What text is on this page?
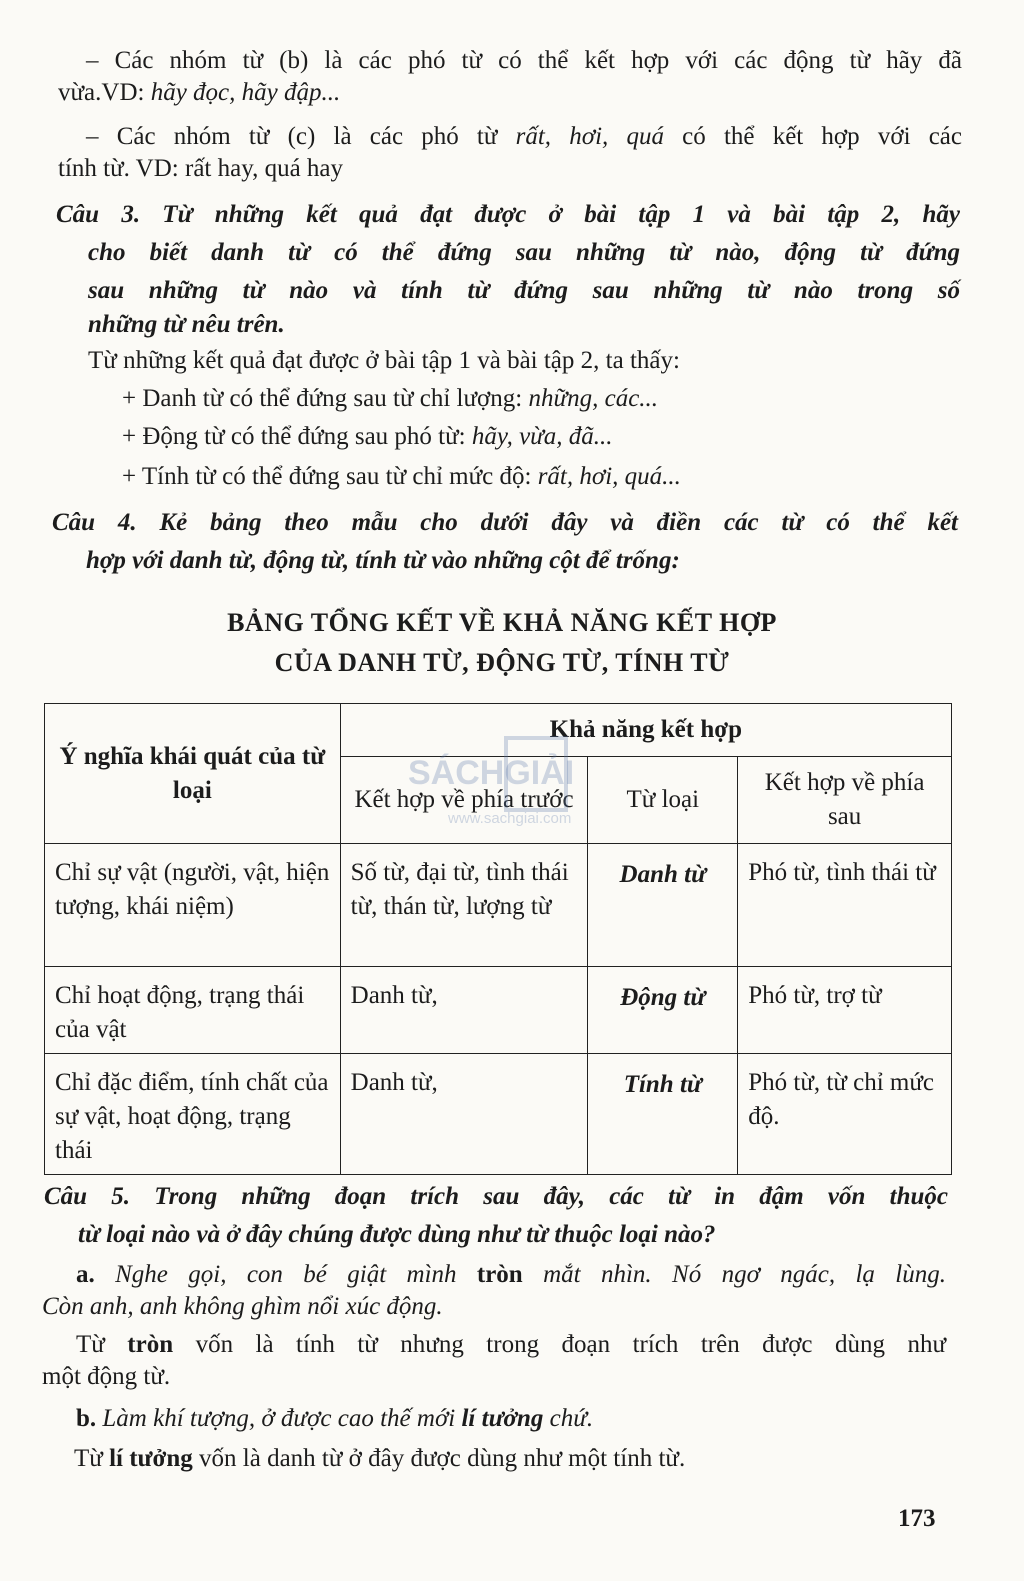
– Các nhóm từ (b) là các phó từ có thể kết hợp với các động từ hãy đã
vừa.VD: hãy đọc, hãy đập...
– Các nhóm từ (c) là các phó từ rất, hơi, quá có thể kết hợp với các
tính từ. VD: rất hay, quá hay
Câu 3. Từ những kết quả đạt được ở bài tập 1 và bài tập 2, hãy
cho biết danh từ có thể đứng sau những từ nào, động từ đứng
sau những từ nào và tính từ đứng sau những từ nào trong số
những từ nêu trên.
Từ những kết quả đạt được ở bài tập 1 và bài tập 2, ta thấy:
+ Danh từ có thể đứng sau từ chỉ lượng: những, các...
+ Động từ có thể đứng sau phó từ: hãy, vừa, đã...
+ Tính từ có thể đứng sau từ chỉ mức độ: rất, hơi, quá...
Câu 4. Kẻ bảng theo mẫu cho dưới đây và điền các từ có thể kết
hợp với danh từ, động từ, tính từ vào những cột để trống:
BẢNG TỔNG KẾT VỀ KHẢ NĂNG KẾT HỢP
CỦA DANH TỪ, ĐỘNG TỪ, TÍNH TỪ
Ý nghĩa khái quát của từ loại	Khả năng kết hợp		
	Kết hợp về phía trước	Từ loại	Kết hợp về phía sau
Chỉ sự vật (người, vật, hiện tượng, khái niệm)	Số từ, đại từ, tình thái từ, thán từ, lượng từ	Danh từ	Phó từ, tình thái từ
Chỉ hoạt động, trạng thái của vật	Danh từ,	Động từ	Phó từ, trợ từ
Chỉ đặc điểm, tính chất của sự vật, hoạt động, trạng thái	Danh từ,	Tính từ	Phó từ, từ chỉ mức độ.
SÁCHGIẢI
www.sachgiai.com
Câu 5. Trong những đoạn trích sau đây, các từ in đậm vốn thuộc
từ loại nào và ở đây chúng được dùng như từ thuộc loại nào?
a. Nghe gọi, con bé giật mình tròn mắt nhìn. Nó ngơ ngác, lạ lùng.
Còn anh, anh không ghìm nổi xúc động.
Từ tròn vốn là tính từ nhưng trong đoạn trích trên được dùng như
một động từ.
b. Làm khí tượng, ở được cao thế mới lí tưởng chứ.
Từ lí tưởng vốn là danh từ ở đây được dùng như một tính từ.
173
